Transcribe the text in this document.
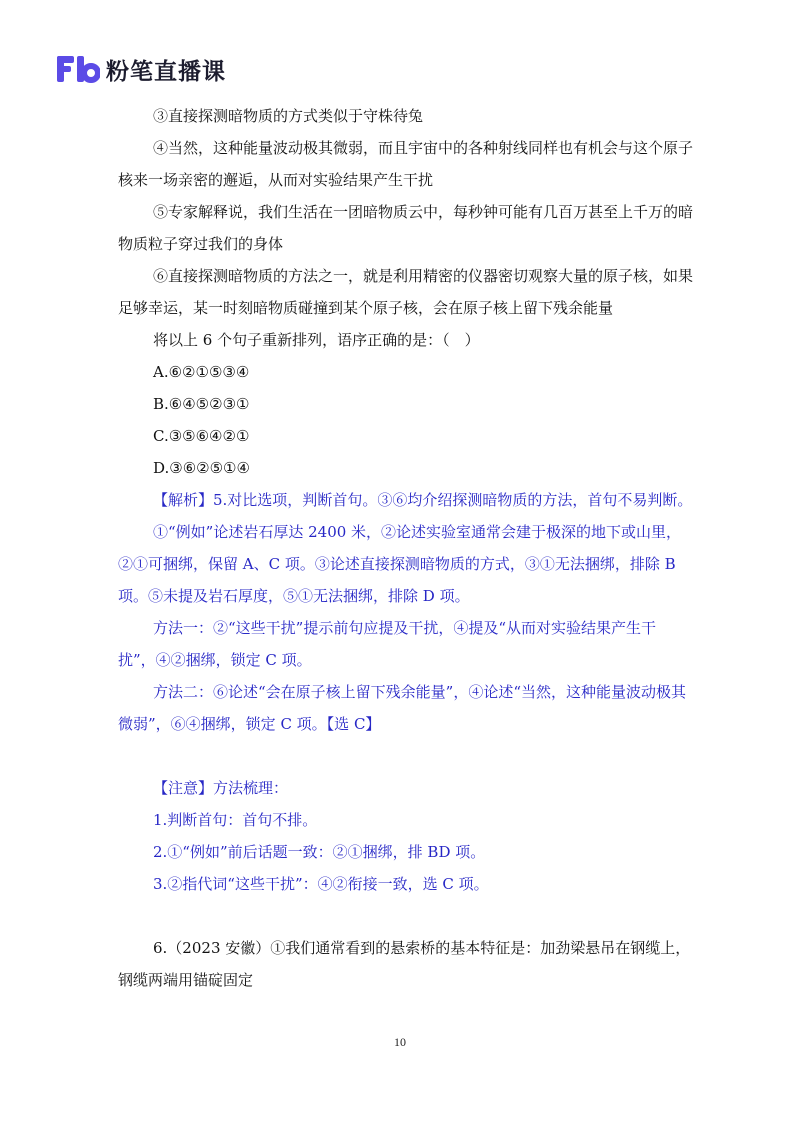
粉笔直播课

③直接探测暗物质的方式类似于守株待兔

④当然，这种能量波动极其微弱，而且宇宙中的各种射线同样也有机会与这个原子核来一场亲密的邂逅，从而对实验结果产生干扰

⑤专家解释说，我们生活在一团暗物质云中，每秒钟可能有几百万甚至上千万的暗物质粒子穿过我们的身体

⑥直接探测暗物质的方法之一，就是利用精密的仪器密切观察大量的原子核，如果足够幸运，某一时刻暗物质碰撞到某个原子核，会在原子核上留下残余能量

将以上 6 个句子重新排列，语序正确的是：（　）

A.⑥②①⑤③④

B.⑥④⑤②③①

C.③⑤⑥④②①

D.③⑥②⑤①④

【解析】5.对比选项，判断首句。③⑥均介绍探测暗物质的方法，首句不易判断。

①“例如”论述岩石厚达 2400 米，②论述实验室通常会建于极深的地下或山里，②①可捆绑，保留 A、C 项。③论述直接探测暗物质的方式，③①无法捆绑，排除 B 项。⑤未提及岩石厚度，⑤①无法捆绑，排除 D 项。

方法一：②“这些干扰”提示前句应提及干扰，④提及“从而对实验结果产生干扰”，④②捆绑，锁定 C 项。

方法二：⑥论述“会在原子核上留下残余能量”，④论述“当然，这种能量波动极其微弱”，⑥④捆绑，锁定 C 项。【选 C】

【注意】方法梳理：

1.判断首句：首句不排。

2.①“例如”前后话题一致：②①捆绑，排 BD 项。

3.②指代词“这些干扰”：④②衔接一致，选 C 项。

6.（2023 安徽）①我们通常看到的悬索桥的基本特征是：加劲梁悬吊在钢缆上，钢缆两端用锚碇固定

10
